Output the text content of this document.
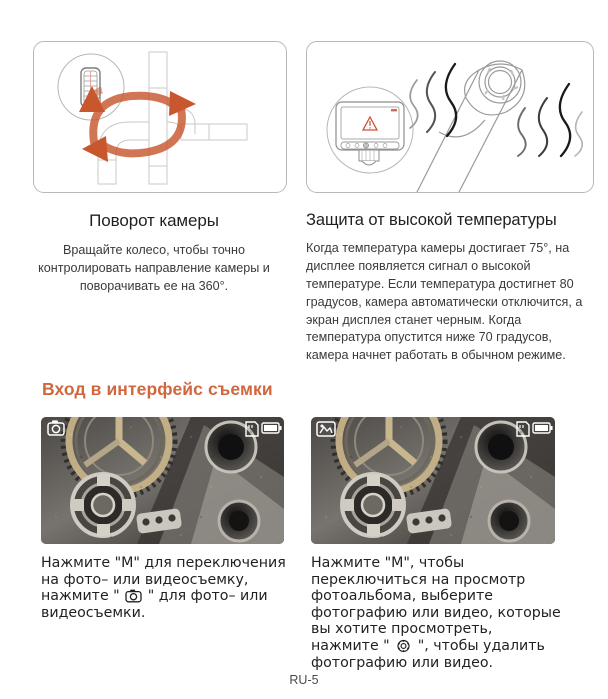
Поворот камеры

Вращайте колесо, чтобы точно контролировать направление камеры и поворачивать ее на 360°.

Защита от высокой температуры

Когда температура камеры достигает 75°, на дисплее появляется сигнал о высокой температуре. Если температура достигнет 80 градусов, камера автоматически отключится, а экран дисплея станет черным. Когда температура опустится ниже 70 градусов, камера начнет работать в обычном режиме.

Вход в интерфейс съемки
Нажмите "M" для переключения на фото– или видеосъемку, нажмите "
" для фото– или видеосъемки.
Нажмите "M", чтобы переключиться на просмотр фотоальбома, выберите фотографию или видео, которые вы хотите просмотреть, нажмите "
", чтобы удалить фотографию или видео.
RU-5
